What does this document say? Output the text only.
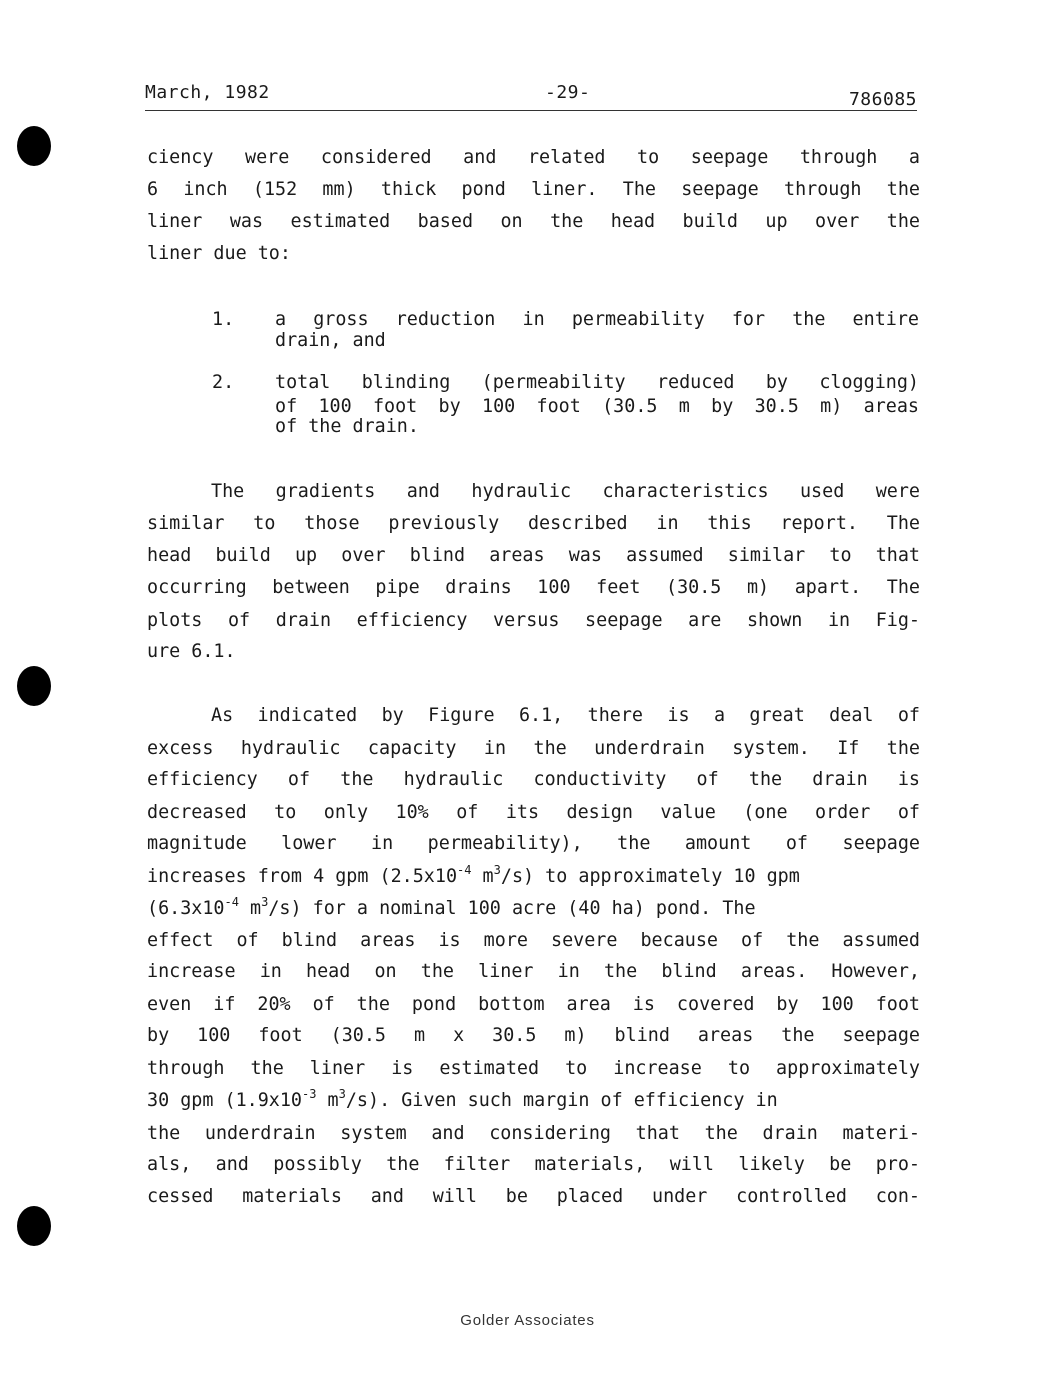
March, 1982	-29-	786085
ciency were considered and related to seepage through a
6 inch (152 mm) thick pond liner. The seepage through the
liner was estimated based on the head build up over the
liner due to:
1. a gross reduction in permeability for the entire
drain, and
2. total blinding (permeability reduced by clogging)
of 100 foot by 100 foot (30.5 m by 30.5 m) areas
of the drain.
The gradients and hydraulic characteristics used were
similar to those previously described in this report. The
head build up over blind areas was assumed similar to that
occurring between pipe drains 100 feet (30.5 m) apart. The
plots of drain efficiency versus seepage are shown in Fig-
ure 6.1.
As indicated by Figure 6.1, there is a great deal of
excess hydraulic capacity in the underdrain system. If the
efficiency of the hydraulic conductivity of the drain is
decreased to only 10% of its design value (one order of
magnitude lower in permeability), the amount of seepage
increases from 4 gpm ($2.5x10^{-4}$ $m^3/s$) to approximately 10 gpm
($6.3x10^{-4}$ $m^3/s$) for a nominal 100 acre (40 ha) pond. The
effect of blind areas is more severe because of the assumed
increase in head on the liner in the blind areas. However,
even if 20% of the pond bottom area is covered by 100 foot
by 100 foot (30.5 m x 30.5 m) blind areas the seepage
through the liner is estimated to increase to approximately
30 gpm ($1.9x10^{-3}$ $m^3/s$). Given such margin of efficiency in
the underdrain system and considering that the drain materi-
als, and possibly the filter materials, will likely be pro-
cessed materials and will be placed under controlled con-
Golder Associates
